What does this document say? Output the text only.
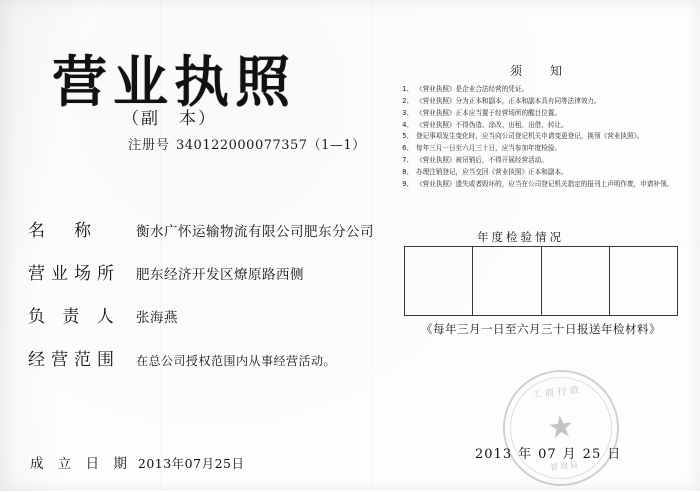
营业执照
（副　本）
注册号 340122000077357（1—1）
名　称	衡水广怀运输物流有限公司肥东分公司
营业场所	肥东经济开发区燎原路西侧
负 责 人	张海燕
经营范围	在总公司授权范围内从事经营活动。
成 立 日 期 2013年07月25日
须　知
1、 《营业执照》是企业合法经营的凭证。
2、 《营业执照》分为正本和副本，正本和副本具有同等法律效力。
3、 《营业执照》正本应当置于经营场所的醒目位置。
4、 《营业执照》不得伪造、涂改、出租、出借、转让。
5、 登记事项发生变化时，应当向公司登记机关申请变更登记，换领《营业执照》。
6、 每年三月一日至六月三十日，应当参加年度检验。
7、 《营业执照》被吊销后，不得开展经营活动。
8、 办理注销登记，应当交回《营业执照》正本和副本。
9、 《营业执照》遗失或者毁坏的，应当在公司登记机关指定的报刊上声明作废，申请补领。
年度检验情况
《每年三月一日至六月三十日报送年检材料》
工商行政
管理局
2013 年 07 月 25 日
